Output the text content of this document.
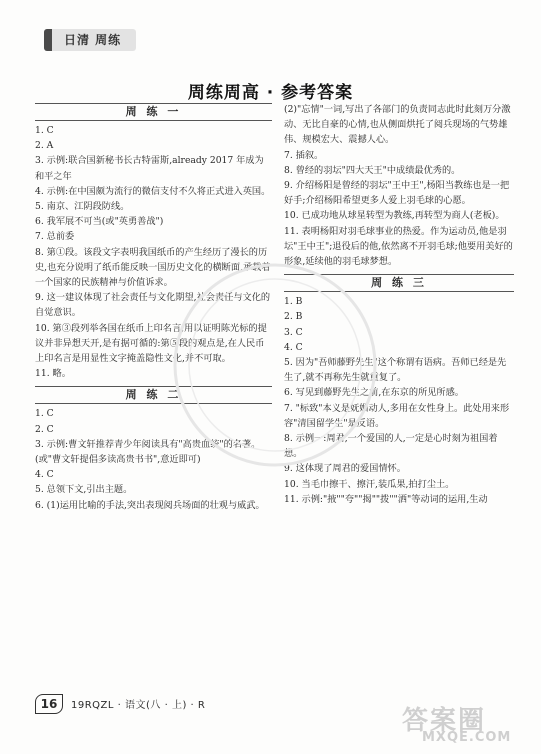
日清 周练
周练周高 · 参考答案
周 练 一

1. C

2. A

3. 示例:联合国新秘书长古特雷斯,already 2017 年成为和平之年

4. 示例:在中国颇为流行的微信支付不久将正式进入英国。

5. 南京、江阴段防线。

6. 我军展不可当(或"英勇善战")

7. 总前委

8. 第①段。该段文字表明我国纸币的产生经历了漫长的历史,也充分说明了纸币能反映一国历史文化的横断面,承载着一个国家的民族精神与价值诉求。

9. 这一建议体现了社会责任与文化期望,社会责任与文化的自觉意识。

10. 第③段列举各国在纸币上印名言,用以证明陈光标的提议并非异想天开,是有据可循的:第⑤段的观点是,在人民币上印名言是用显性文字掩盖隐性文化,并不可取。

11. 略。

周 练 二

1. C

2. C

3. 示例:曹文轩推荐青少年阅读具有"高贵血统"的名著。(或"曹文轩提倡多读高贵书书",意近即可)

4. C

5. 总领下文,引出主题。

6. (1)运用比喻的手法,突出表现阅兵场面的壮观与威武。

(2)"忘情"一词,写出了各部门的负责同志此时此刻万分激动、无比自豪的心情,也从侧面烘托了阅兵现场的气势雄伟、规模宏大、震撼人心。

7. 插叙。

8. 曾经的羽坛"四大天王"中成绩最优秀的。

9. 介绍杨阳是曾经的羽坛"王中王",杨阳当教练也是一把好手;介绍杨阳希望更多人爱上羽毛球的心愿。

10. 已成功地从球星转型为教练,再转型为商人(老板)。

11. 表明杨阳对羽毛球事业的热爱。作为运动员,他是羽坛"王中王";退役后的他,依然离不开羽毛球;他要用美好的形象,延续他的羽毛球梦想。

周 练 三

1. B

2. B

3. C

4. C

5. 因为"吾师藤野先生"这个称谓有语病。吾师已经是先生了,就不再称先生就重复了。

6. 写见到藤野先生之前,在东京的所见所感。

7. "标致"本义是妩媚动人,多用在女性身上。此处用来形容"清国留学生"是反语。

8. 示例一:周君,一个爱国的人,一定是心时刻为祖国着想。

9. 这体现了周君的爱国情怀。

10. 当毛巾擦干、擦汗,装瓜果,拍打尘土。

11. 示例:"掖""夸""揭""拨""洒"等动词的运用,生动

16	19RQZL · 语文(八 · 上) · R
答案圈
MXQE.COM
